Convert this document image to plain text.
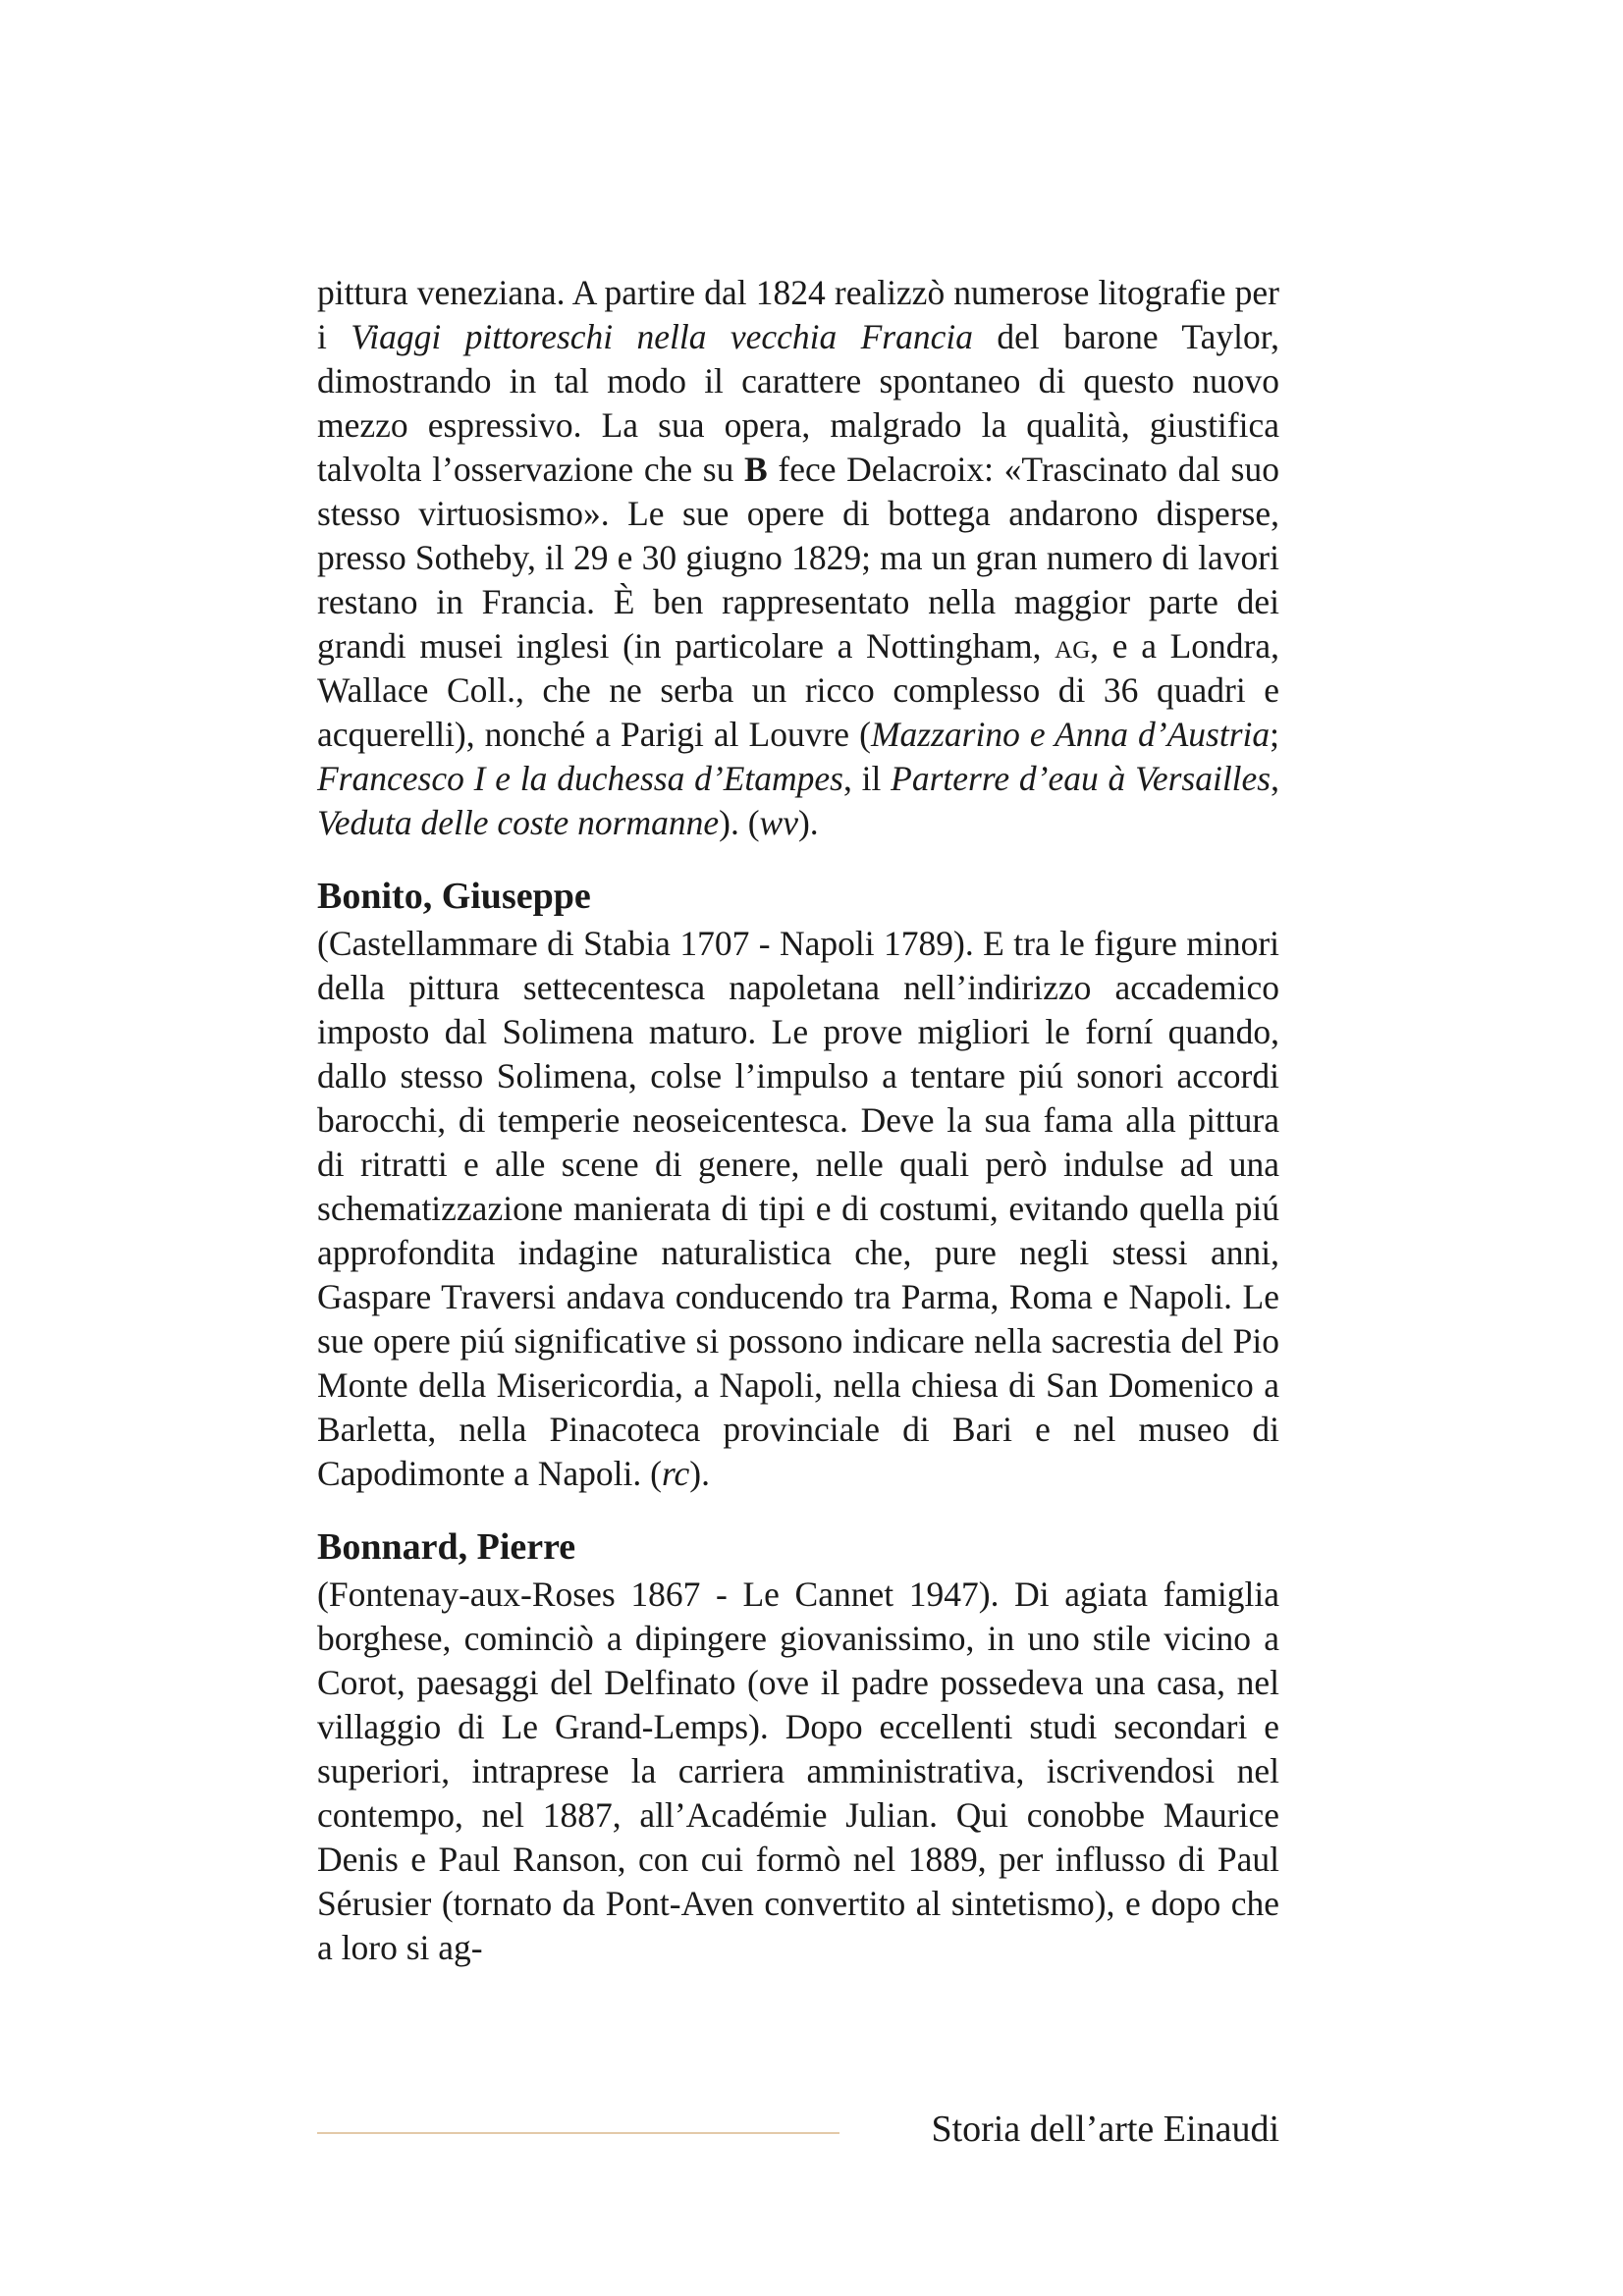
pittura veneziana. A partire dal 1824 realizzò numerose litografie per i Viaggi pittoreschi nella vecchia Francia del barone Taylor, dimostrando in tal modo il carattere spontaneo di questo nuovo mezzo espressivo. La sua opera, malgrado la qualità, giustifica talvolta l’osservazione che su B fece Delacroix: «Trascinato dal suo stesso virtuosismo». Le sue opere di bottega andarono disperse, presso Sotheby, il 29 e 30 giugno 1829; ma un gran numero di lavori restano in Francia. È ben rappresentato nella maggior parte dei grandi musei inglesi (in particolare a Nottingham, ag, e a Londra, Wallace Coll., che ne serba un ricco complesso di 36 quadri e acquerelli), nonché a Parigi al Louvre (Mazzarino e Anna d’Austria; Francesco I e la duchessa d’Etampes, il Parterre d’eau à Versailles, Veduta delle coste normanne). (wv).

Bonito, Giuseppe

(Castellammare di Stabia 1707 - Napoli 1789). E tra le figure minori della pittura settecentesca napoletana nell’indirizzo accademico imposto dal Solimena maturo. Le prove migliori le forní quando, dallo stesso Solimena, colse l’impulso a tentare piú sonori accordi barocchi, di temperie neoseicentesca. Deve la sua fama alla pittura di ritratti e alle scene di genere, nelle quali però indulse ad una schematizzazione manierata di tipi e di costumi, evitando quella piú approfondita indagine naturalistica che, pure negli stessi anni, Gaspare Traversi andava conducendo tra Parma, Roma e Napoli. Le sue opere piú significative si possono indicare nella sacrestia del Pio Monte della Misericordia, a Napoli, nella chiesa di San Domenico a Barletta, nella Pinacoteca provinciale di Bari e nel museo di Capodimonte a Napoli. (rc).

Bonnard, Pierre

(Fontenay-aux-Roses 1867 - Le Cannet 1947). Di agiata famiglia borghese, cominciò a dipingere giovanissimo, in uno stile vicino a Corot, paesaggi del Delfinato (ove il padre possedeva una casa, nel villaggio di Le Grand-Lemps). Dopo eccellenti studi secondari e superiori, intraprese la carriera amministrativa, iscrivendosi nel contempo, nel 1887, all’Académie Julian. Qui conobbe Maurice Denis e Paul Ranson, con cui formò nel 1889, per influsso di Paul Sérusier (tornato da Pont-Aven convertito al sintetismo), e dopo che a loro si ag-

Storia dell’arte Einaudi
